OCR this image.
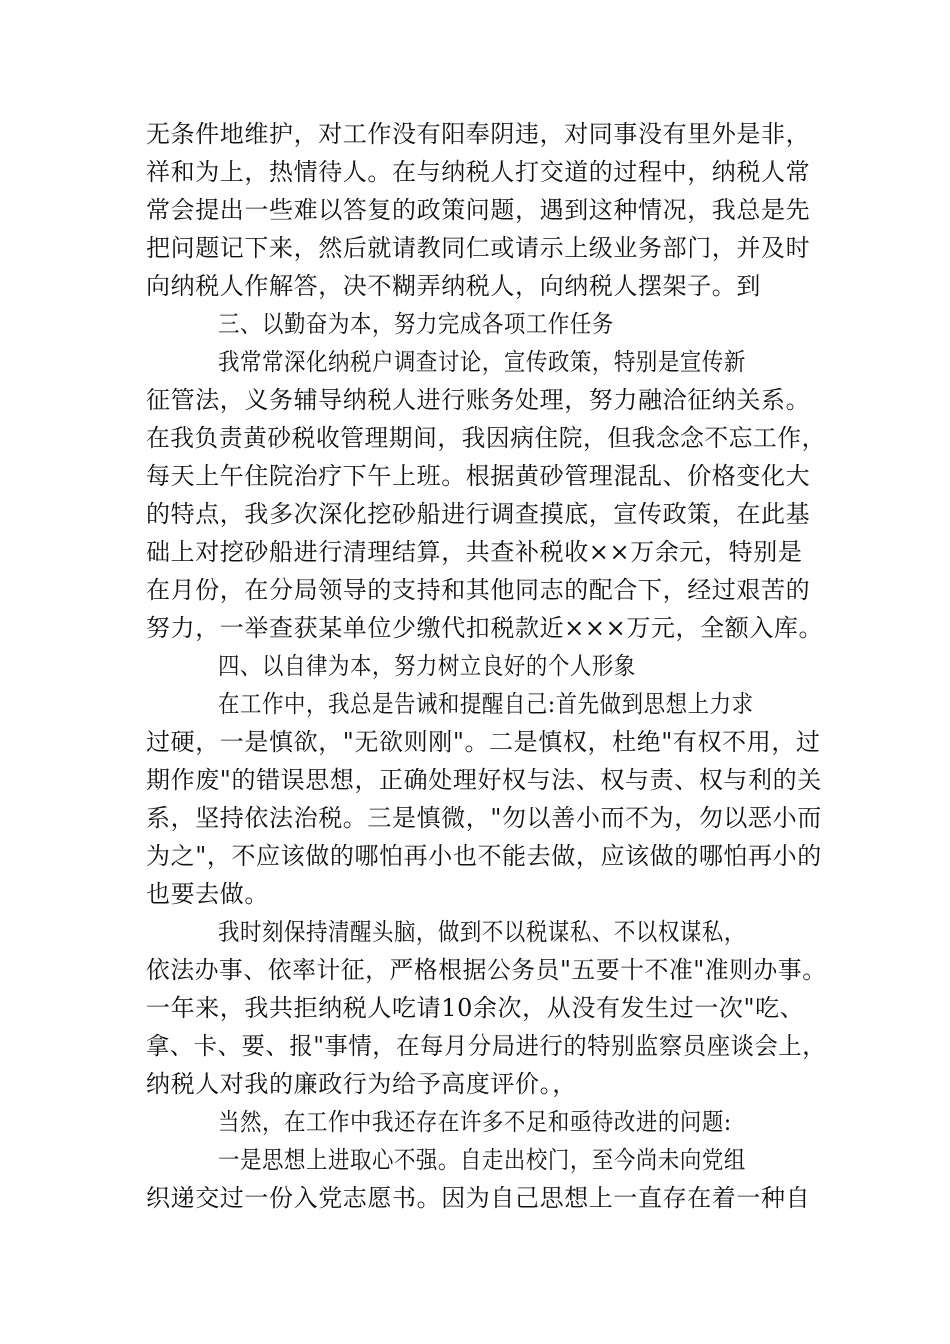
无条件地维护，对工作没有阳奉阴违，对同事没有里外是非，
祥和为上，热情待人。在与纳税人打交道的过程中，纳税人常
常会提出一些难以答复的政策问题，遇到这种情况，我总是先
把问题记下来，然后就请教同仁或请示上级业务部门，并及时
向纳税人作解答，决不糊弄纳税人，向纳税人摆架子。到
三、以勤奋为本，努力完成各项工作任务
我常常深化纳税户调查讨论，宣传政策，特别是宣传新
征管法，义务辅导纳税人进行账务处理，努力融洽征纳关系。
在我负责黄砂税收管理期间，我因病住院，但我念念不忘工作，
每天上午住院治疗下午上班。根据黄砂管理混乱、价格变化大
的特点，我多次深化挖砂船进行调查摸底，宣传政策，在此基
础上对挖砂船进行清理结算，共查补税收××万余元，特别是
在月份，在分局领导的支持和其他同志的配合下，经过艰苦的
努力，一举查获某单位少缴代扣税款近×××万元，全额入库。
四、以自律为本，努力树立良好的个人形象
在工作中，我总是告诫和提醒自己:首先做到思想上力求
过硬，一是慎欲，"无欲则刚"。二是慎权，杜绝"有权不用，过
期作废"的错误思想，正确处理好权与法、权与责、权与利的关
系，坚持依法治税。三是慎微，"勿以善小而不为，勿以恶小而
为之"，不应该做的哪怕再小也不能去做，应该做的哪怕再小的
也要去做。
我时刻保持清醒头脑，做到不以税谋私、不以权谋私，
依法办事、依率计征，严格根据公务员"五要十不准"准则办事。
一年来，我共拒纳税人吃请10余次，从没有发生过一次"吃、
拿、卡、要、报"事情，在每月分局进行的特别监察员座谈会上，
纳税人对我的廉政行为给予高度评价。，
当然，在工作中我还存在许多不足和亟待改进的问题:
一是思想上进取心不强。自走出校门，至今尚未向党组
织递交过一份入党志愿书。因为自己思想上一直存在着一种自
